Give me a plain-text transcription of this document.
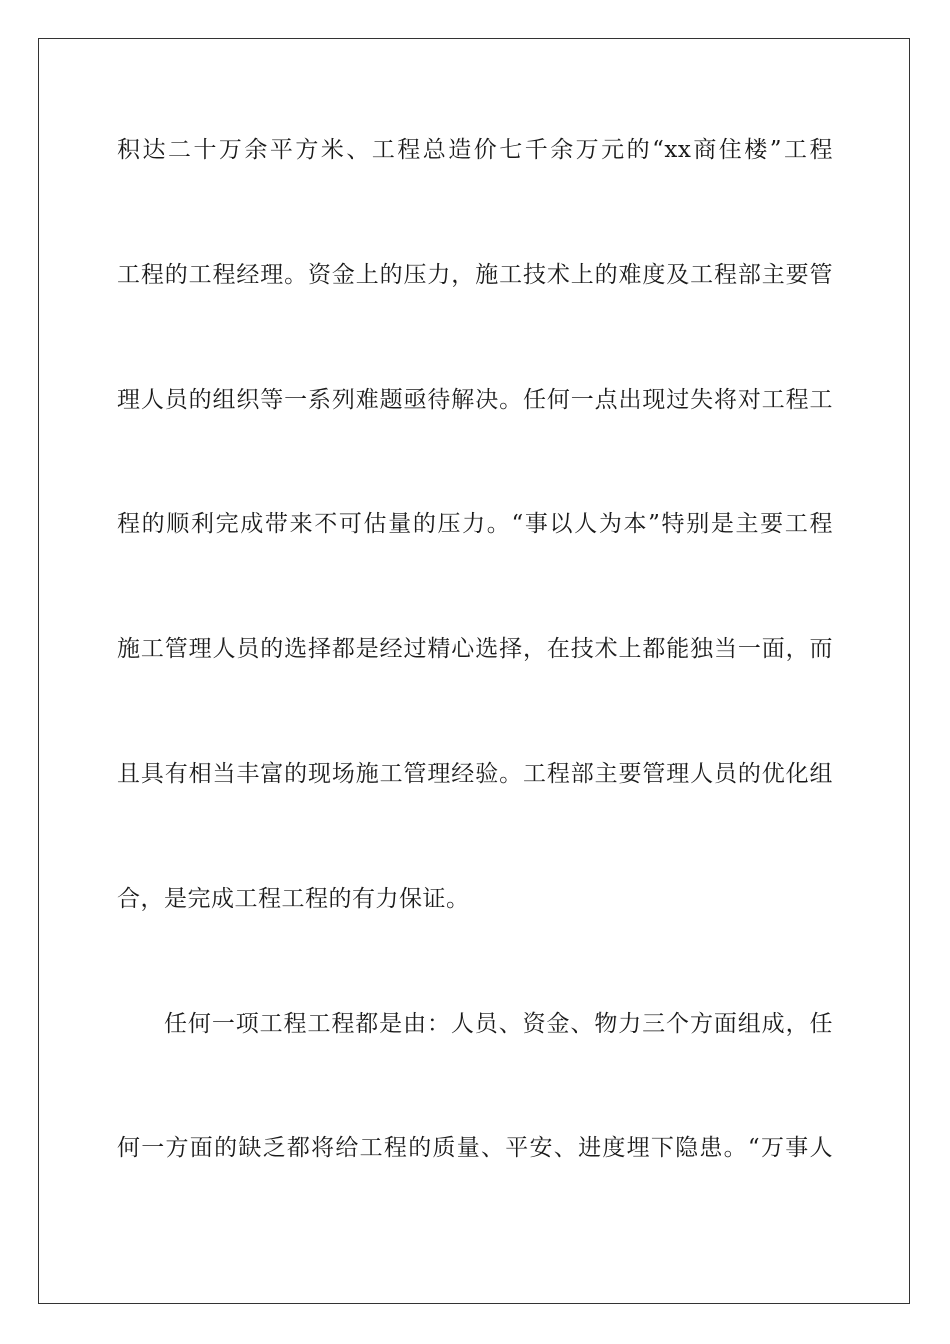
积达二十万余平方米、工程总造价七千余万元的“xx商住楼”工程
工程的工程经理。资金上的压力，施工技术上的难度及工程部主要管
理人员的组织等一系列难题亟待解决。任何一点出现过失将对工程工
程的顺利完成带来不可估量的压力。“事以人为本”特别是主要工程
施工管理人员的选择都是经过精心选择，在技术上都能独当一面，而
且具有相当丰富的现场施工管理经验。工程部主要管理人员的优化组
合，是完成工程工程的有力保证。
任何一项工程工程都是由：人员、资金、物力三个方面组成，任
何一方面的缺乏都将给工程的质量、平安、进度埋下隐患。“万事人
